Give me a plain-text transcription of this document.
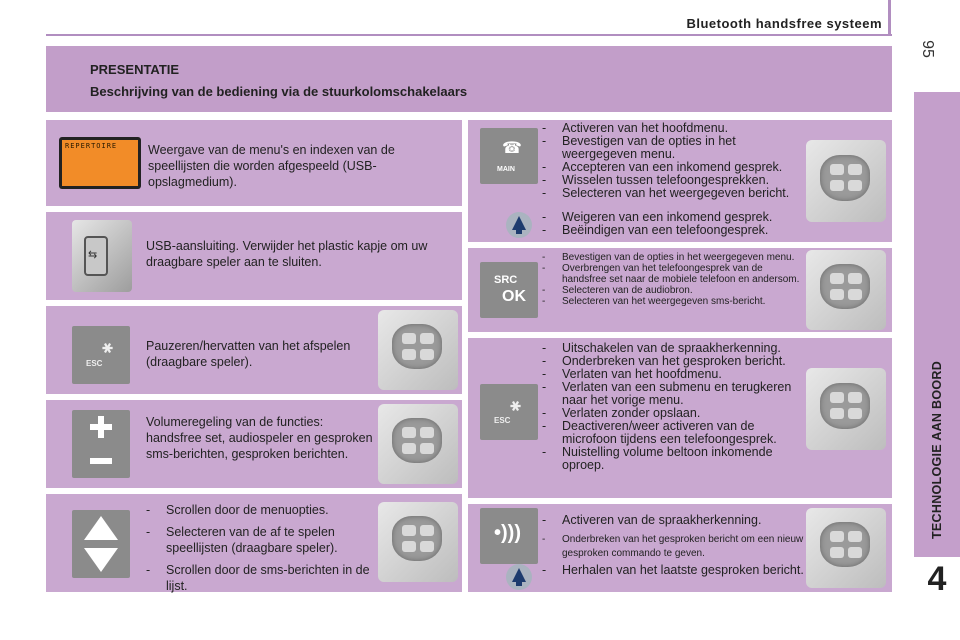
Bluetooth handsfree systeem
95
TECHNOLOGIE AAN BOORD
4
PRESENTATIE
Beschrijving van de bediening via de stuurkolomschakelaars
REPERTOIRE Weergave van de menu's en indexen van de speellijsten die worden afgespeeld (USB-opslagmedium).
⇆
USB-aansluiting. Verwijder het plastic kapje om uw draagbare speler aan te sluiten.
✱
ESC
Pauzeren/hervatten van het afspelen (draagbare speler).
Volumeregeling van de functies: handsfree set, audiospeler en gesproken sms-berichten, gesproken berichten.
- Scrollen door de menuopties.
- Selecteren van de af te spelen speellijsten (draagbare speler).
- Scrollen door de sms-berichten in de lijst.
☎
MAIN
- Activeren van het hoofdmenu.
- Bevestigen van de opties in het weergegeven menu.
- Accepteren van een inkomend gesprek.
- Wisselen tussen telefoongesprekken.
- Selecteren van het weergegeven bericht.
- Weigeren van een inkomend gesprek.
- Beëindigen van een telefoongesprek.
SRC
OK
- Bevestigen van de opties in het weergegeven menu.
- Overbrengen van het telefoongesprek van de handsfree set naar de mobiele telefoon en andersom.
- Selecteren van de audiobron.
- Selecteren van het weergegeven sms-bericht.
✱
ESC
- Uitschakelen van de spraakherkenning.
- Onderbreken van het gesproken bericht.
- Verlaten van het hoofdmenu.
- Verlaten van een submenu en terugkeren naar het vorige menu.
- Verlaten zonder opslaan.
- Deactiveren/weer activeren van de microfoon tijdens een telefoongesprek.
- Nuistelling volume beltoon inkomende oproep.
•)))
- Activeren van de spraakherkenning.
- Onderbreken van het gesproken bericht om een nieuw gesproken commando te geven.
- Herhalen van het laatste gesproken bericht.
